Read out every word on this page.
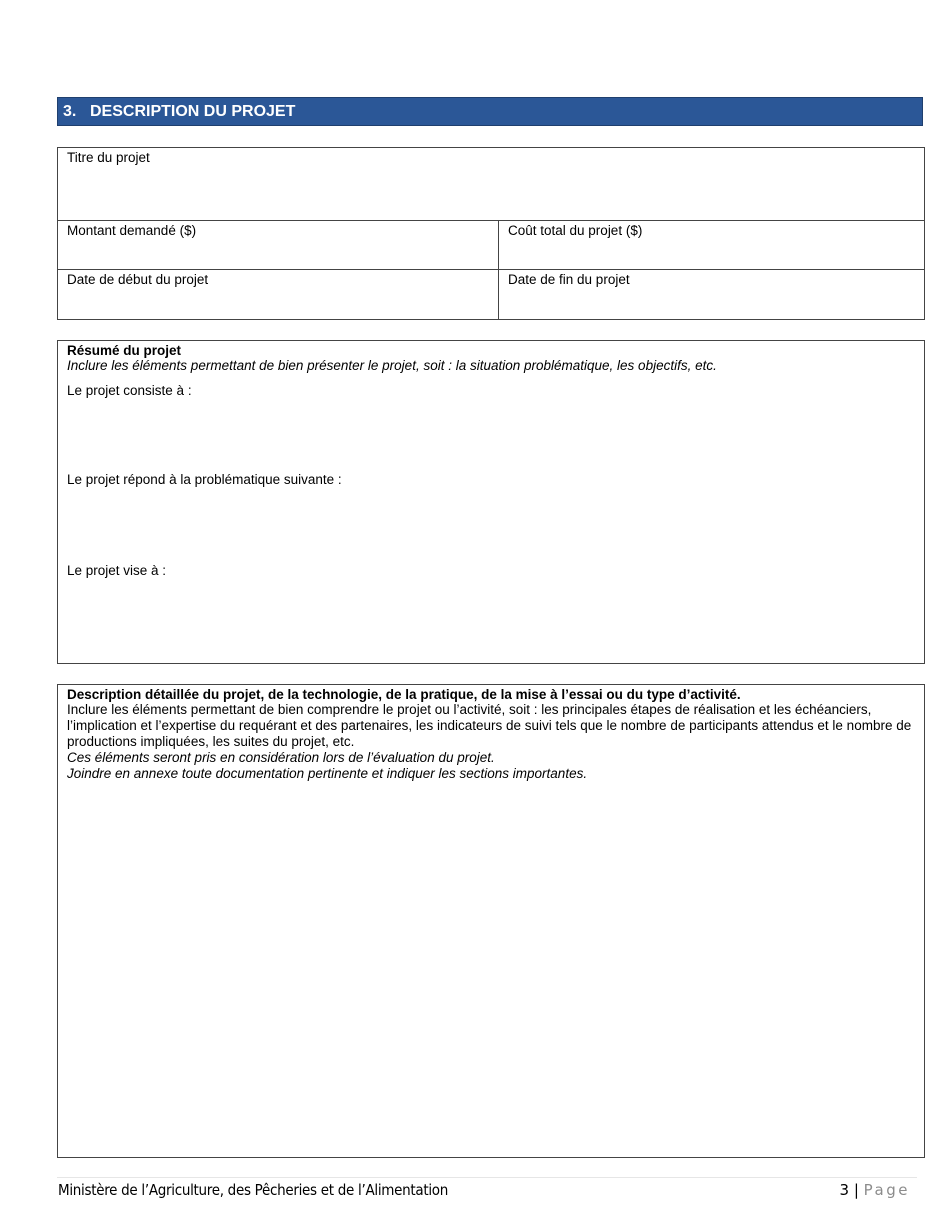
3. DESCRIPTION DU PROJET
Titre du projet
Montant demandé ($)	Coût total du projet ($)
Date de début du projet	Date de fin du projet
Résumé du projet
Inclure les éléments permettant de bien présenter le projet, soit : la situation problématique, les objectifs, etc.
Le projet consiste à :
Le projet répond à la problématique suivante :
Le projet vise à :
Description détaillée du projet, de la technologie, de la pratique, de la mise à l’essai ou du type d’activité.
Inclure les éléments permettant de bien comprendre le projet ou l’activité, soit : les principales étapes de réalisation et les échéanciers, l’implication et l’expertise du requérant et des partenaires, les indicateurs de suivi tels que le nombre de participants attendus et le nombre de productions impliquées, les suites du projet, etc.
Ces éléments seront pris en considération lors de l’évaluation du projet.
Joindre en annexe toute documentation pertinente et indiquer les sections importantes.
Ministère de l’Agriculture, des Pêcheries et de l’Alimentation	3 | Page
